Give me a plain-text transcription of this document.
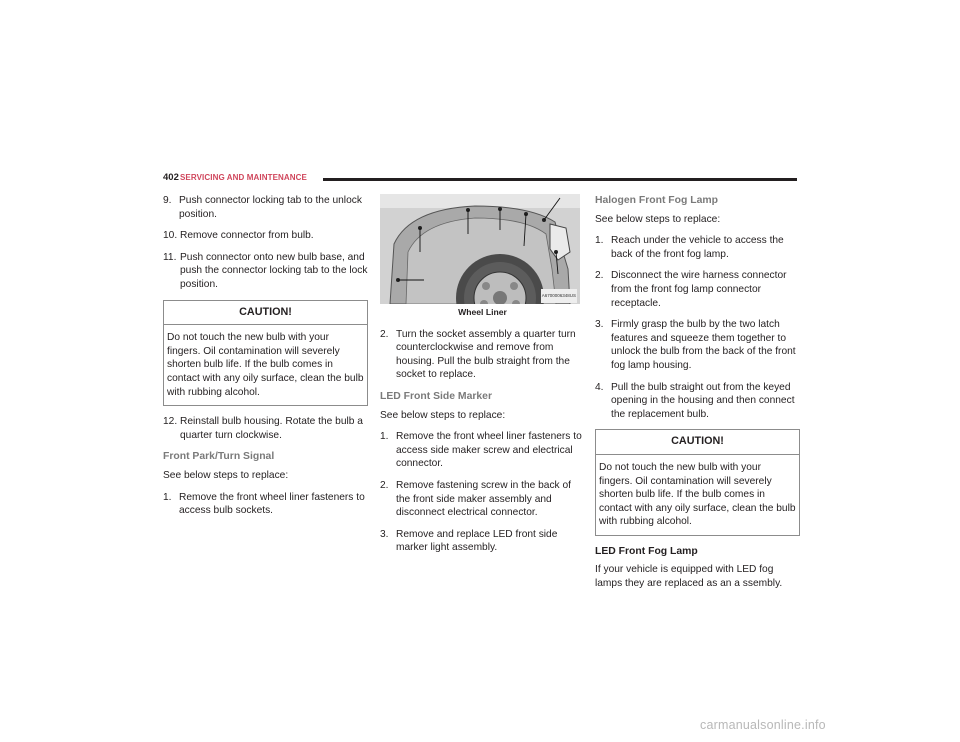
402 SERVICING AND MAINTENANCE
9. Push connector locking tab to the unlock position.
10. Remove connector from bulb.
11. Push connector onto new bulb base, and push the connector locking tab to the lock position.
CAUTION!
Do not touch the new bulb with your fingers. Oil contamination will severely shorten bulb life. If the bulb comes in contact with any oily surface, clean the bulb with rubbing alcohol.
12. Reinstall bulb housing. Rotate the bulb a quarter turn clockwise.
Front Park/Turn Signal

See below steps to replace:

1. Remove the front wheel liner fasteners to access bulb sockets.
A6700006348US
Wheel Liner
2. Turn the socket assembly a quarter turn counterclockwise and remove from housing. Pull the bulb straight from the socket to replace.
LED Front Side Marker

See below steps to replace:

1. Remove the front wheel liner fasteners to access side maker screw and electrical connector.
2. Remove fastening screw in the back of the front side maker assembly and disconnect electrical connector.
3. Remove and replace LED front side marker light assembly.
Halogen Front Fog Lamp

See below steps to replace:

1. Reach under the vehicle to access the back of the front fog lamp.
2. Disconnect the wire harness connector from the front fog lamp connector receptacle.
3. Firmly grasp the bulb by the two latch features and squeeze them together to unlock the bulb from the back of the front fog lamp housing.
4. Pull the bulb straight out from the keyed opening in the housing and then connect the replacement bulb.
CAUTION!
Do not touch the new bulb with your fingers. Oil contamination will severely shorten bulb life. If the bulb comes in contact with any oily surface, clean the bulb with rubbing alcohol.
LED Front Fog Lamp

If your vehicle is equipped with LED fog lamps they are replaced as an a ssembly.

carmanualsonline.info
